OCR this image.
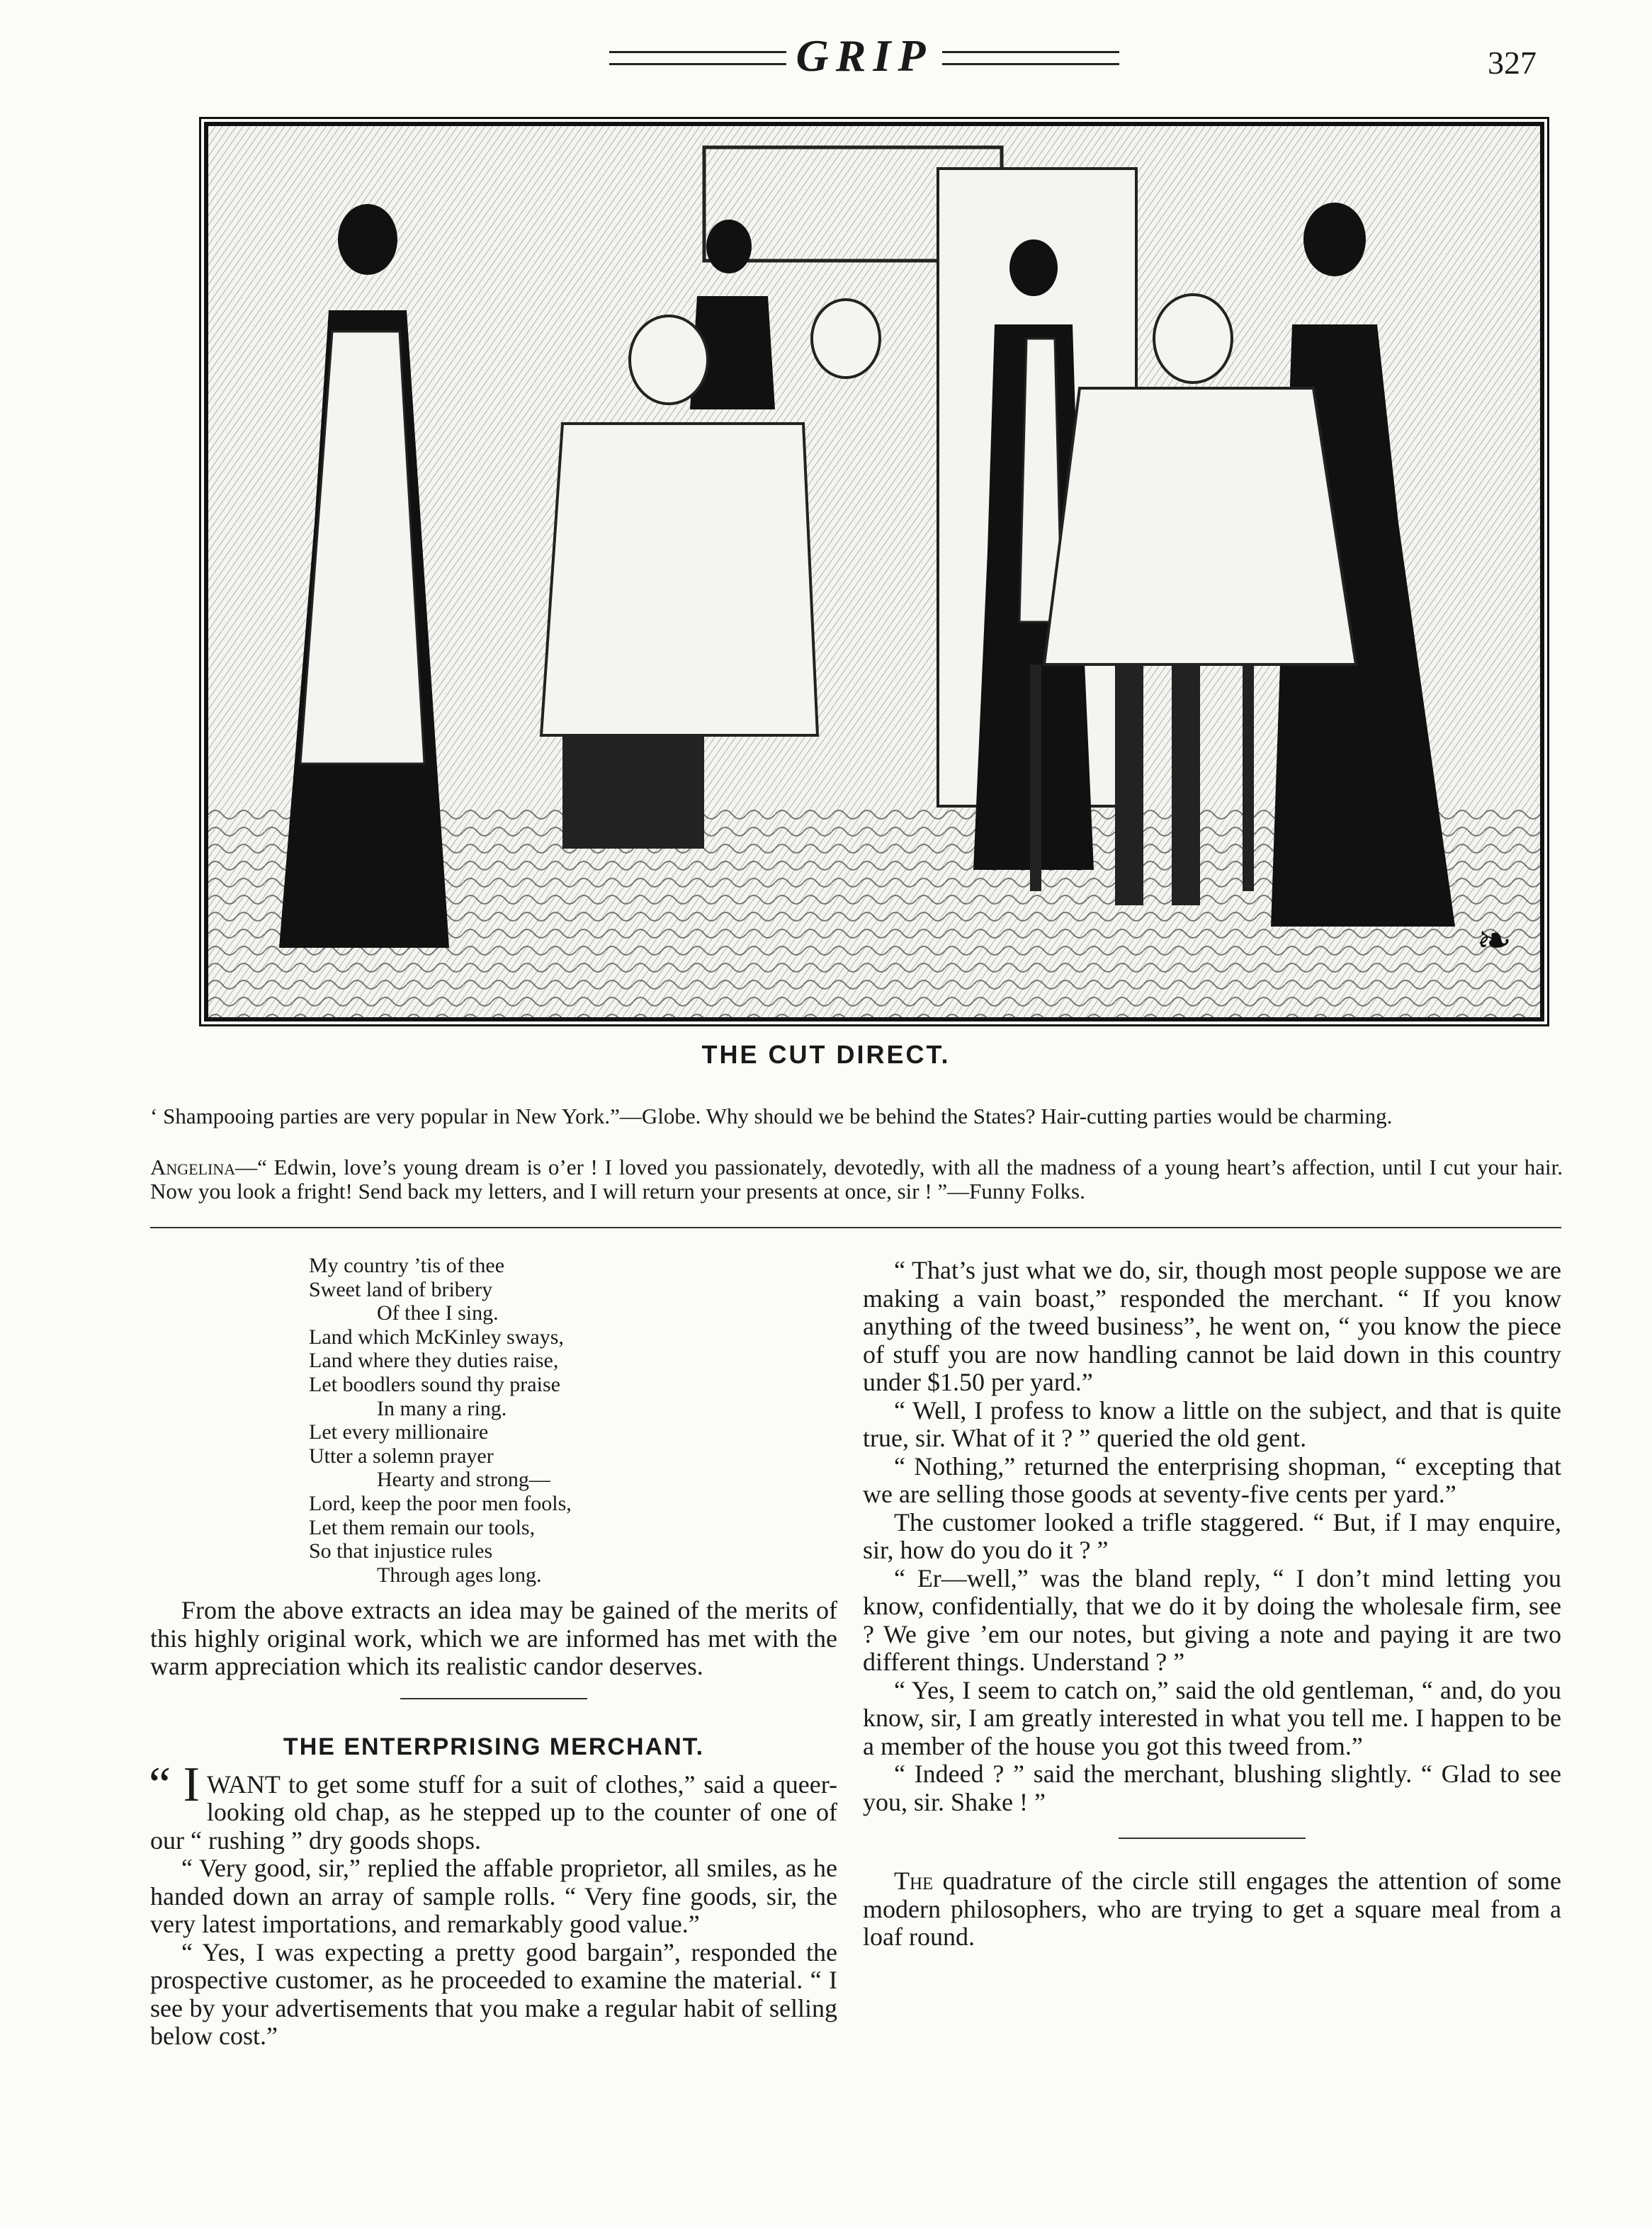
GRIP	327
❧
THE CUT DIRECT.

‘ Shampooing parties are very popular in New York.”—Globe. Why should we be behind the States? Hair-cutting parties would be charming.

Angelina—“ Edwin, love’s young dream is o’er ! I loved you passionately, devotedly, with all the madness of a young heart’s affection, until I cut your hair. Now you look a fright! Send back my letters, and I will return your presents at once, sir ! ”—Funny Folks.

My country ’tis of thee
Sweet land of bribery
Of thee I sing.
Land which McKinley sways,
Land where they duties raise,
Let boodlers sound thy praise
In many a ring.
Let every millionaire
Utter a solemn prayer
Hearty and strong—
Lord, keep the poor men fools,
Let them remain our tools,
So that injustice rules
Through ages long.

From the above extracts an idea may be gained of the merits of this highly original work, which we are informed has met with the warm appreciation which its realistic candor deserves.

THE ENTERPRISING MERCHANT.

“ I WANT to get some stuff for a suit of clothes,” said a queer-looking old chap, as he stepped up to the counter of one of our “ rushing ” dry goods shops.

“ Very good, sir,” replied the affable proprietor, all smiles, as he handed down an array of sample rolls. “ Very fine goods, sir, the very latest importations, and remarkably good value.”

“ Yes, I was expecting a pretty good bargain”, responded the prospective customer, as he proceeded to examine the material. “ I see by your advertisements that you make a regular habit of selling below cost.”

“ That’s just what we do, sir, though most people suppose we are making a vain boast,” responded the merchant. “ If you know anything of the tweed business”, he went on, “ you know the piece of stuff you are now handling cannot be laid down in this country under $1.50 per yard.”

“ Well, I profess to know a little on the subject, and that is quite true, sir. What of it ? ” queried the old gent.

“ Nothing,” returned the enterprising shopman, “ excepting that we are selling those goods at seventy-five cents per yard.”

The customer looked a trifle staggered. “ But, if I may enquire, sir, how do you do it ? ”

“ Er—well,” was the bland reply, “ I don’t mind letting you know, confidentially, that we do it by doing the wholesale firm, see ? We give ’em our notes, but giving a note and paying it are two different things. Understand ? ”

“ Yes, I seem to catch on,” said the old gentleman, “ and, do you know, sir, I am greatly interested in what you tell me. I happen to be a member of the house you got this tweed from.”

“ Indeed ? ” said the merchant, blushing slightly. “ Glad to see you, sir. Shake ! ”

The quadrature of the circle still engages the attention of some modern philosophers, who are trying to get a square meal from a loaf round.
